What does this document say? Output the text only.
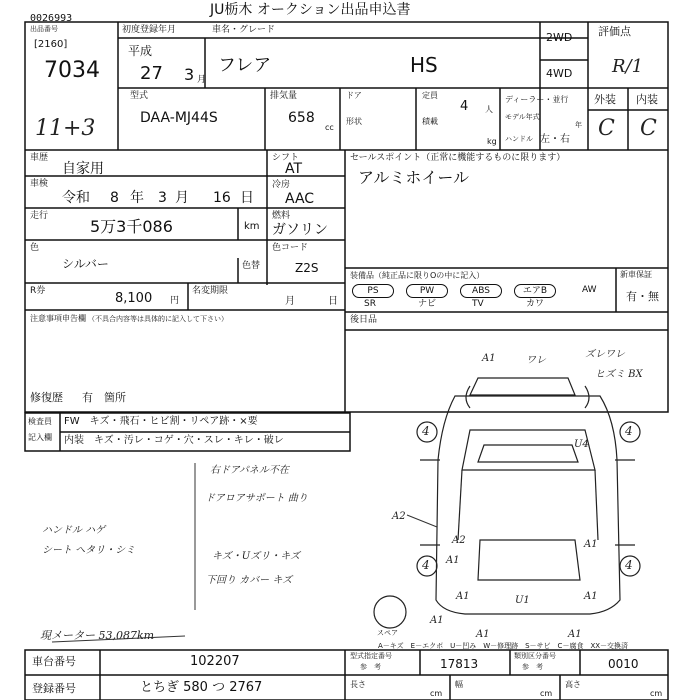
0026993
JU栃木 オークション出品申込書
出品番号
[2160]
7034
11+3
初度登録年月
平成
27 3 月
車名・グレード
フレア	HS
2WD
4WD
評価点
R/1
外装 内装
C C
型式
DAA-MJ44S
排気量
658
cc
ドア
形状
定員
4 人
積載
kg
ディーラー・並行
モデル年式
年
ハンドル 左・右
車歴
自家用
シフト
AT
車検
令和 8 年 3 月 16 日
冷房
AAC
走行
5万3千086	km
燃料
ガソリン
色
シルバー	色替
色コード
Z2S
R券	8,100 円
名変期限
月	日
セールスポイント（正常に機能するものに限ります）
アルミホイール
装備品（純正品に限りOの中に記入）
PS	PW	ABS	エアB	AW
SR	ナビ	TV	カワ
新車保証
有・無
注意事項申告欄 （不具合内容等は具体的に記入して下さい）	後日品
修復歴 有 箇所
検査員
記入欄
FW　キズ・飛石・ヒビ割・リペア跡・×要
内装　キズ・汚レ・コゲ・穴・スレ・キレ・破レ
右ドアパネル不在
ドアロアサポート 曲り
ハンドル ハゲ
シート ヘタリ・シミ
キズ・Uズリ・キズ
下回り カバー キズ
現メーター 53,087km
A1	ワレ
ズレワレ
ヒズミ BX
U4
A2
A2	A1
A1
A1
U1
A1
A1
A1	A1
4	4
4	4
スペア
A－キズ　E－エクボ　U－凹み　W－修理跡　S－サビ　C－腐食　XX－交換済
車台番号	102207
登録番号	とちぎ 580 つ 2767
型式指定番号
参　考	17813
類別区分番号
参　考	0010
長さ
cm
幅
cm
高さ
cm
